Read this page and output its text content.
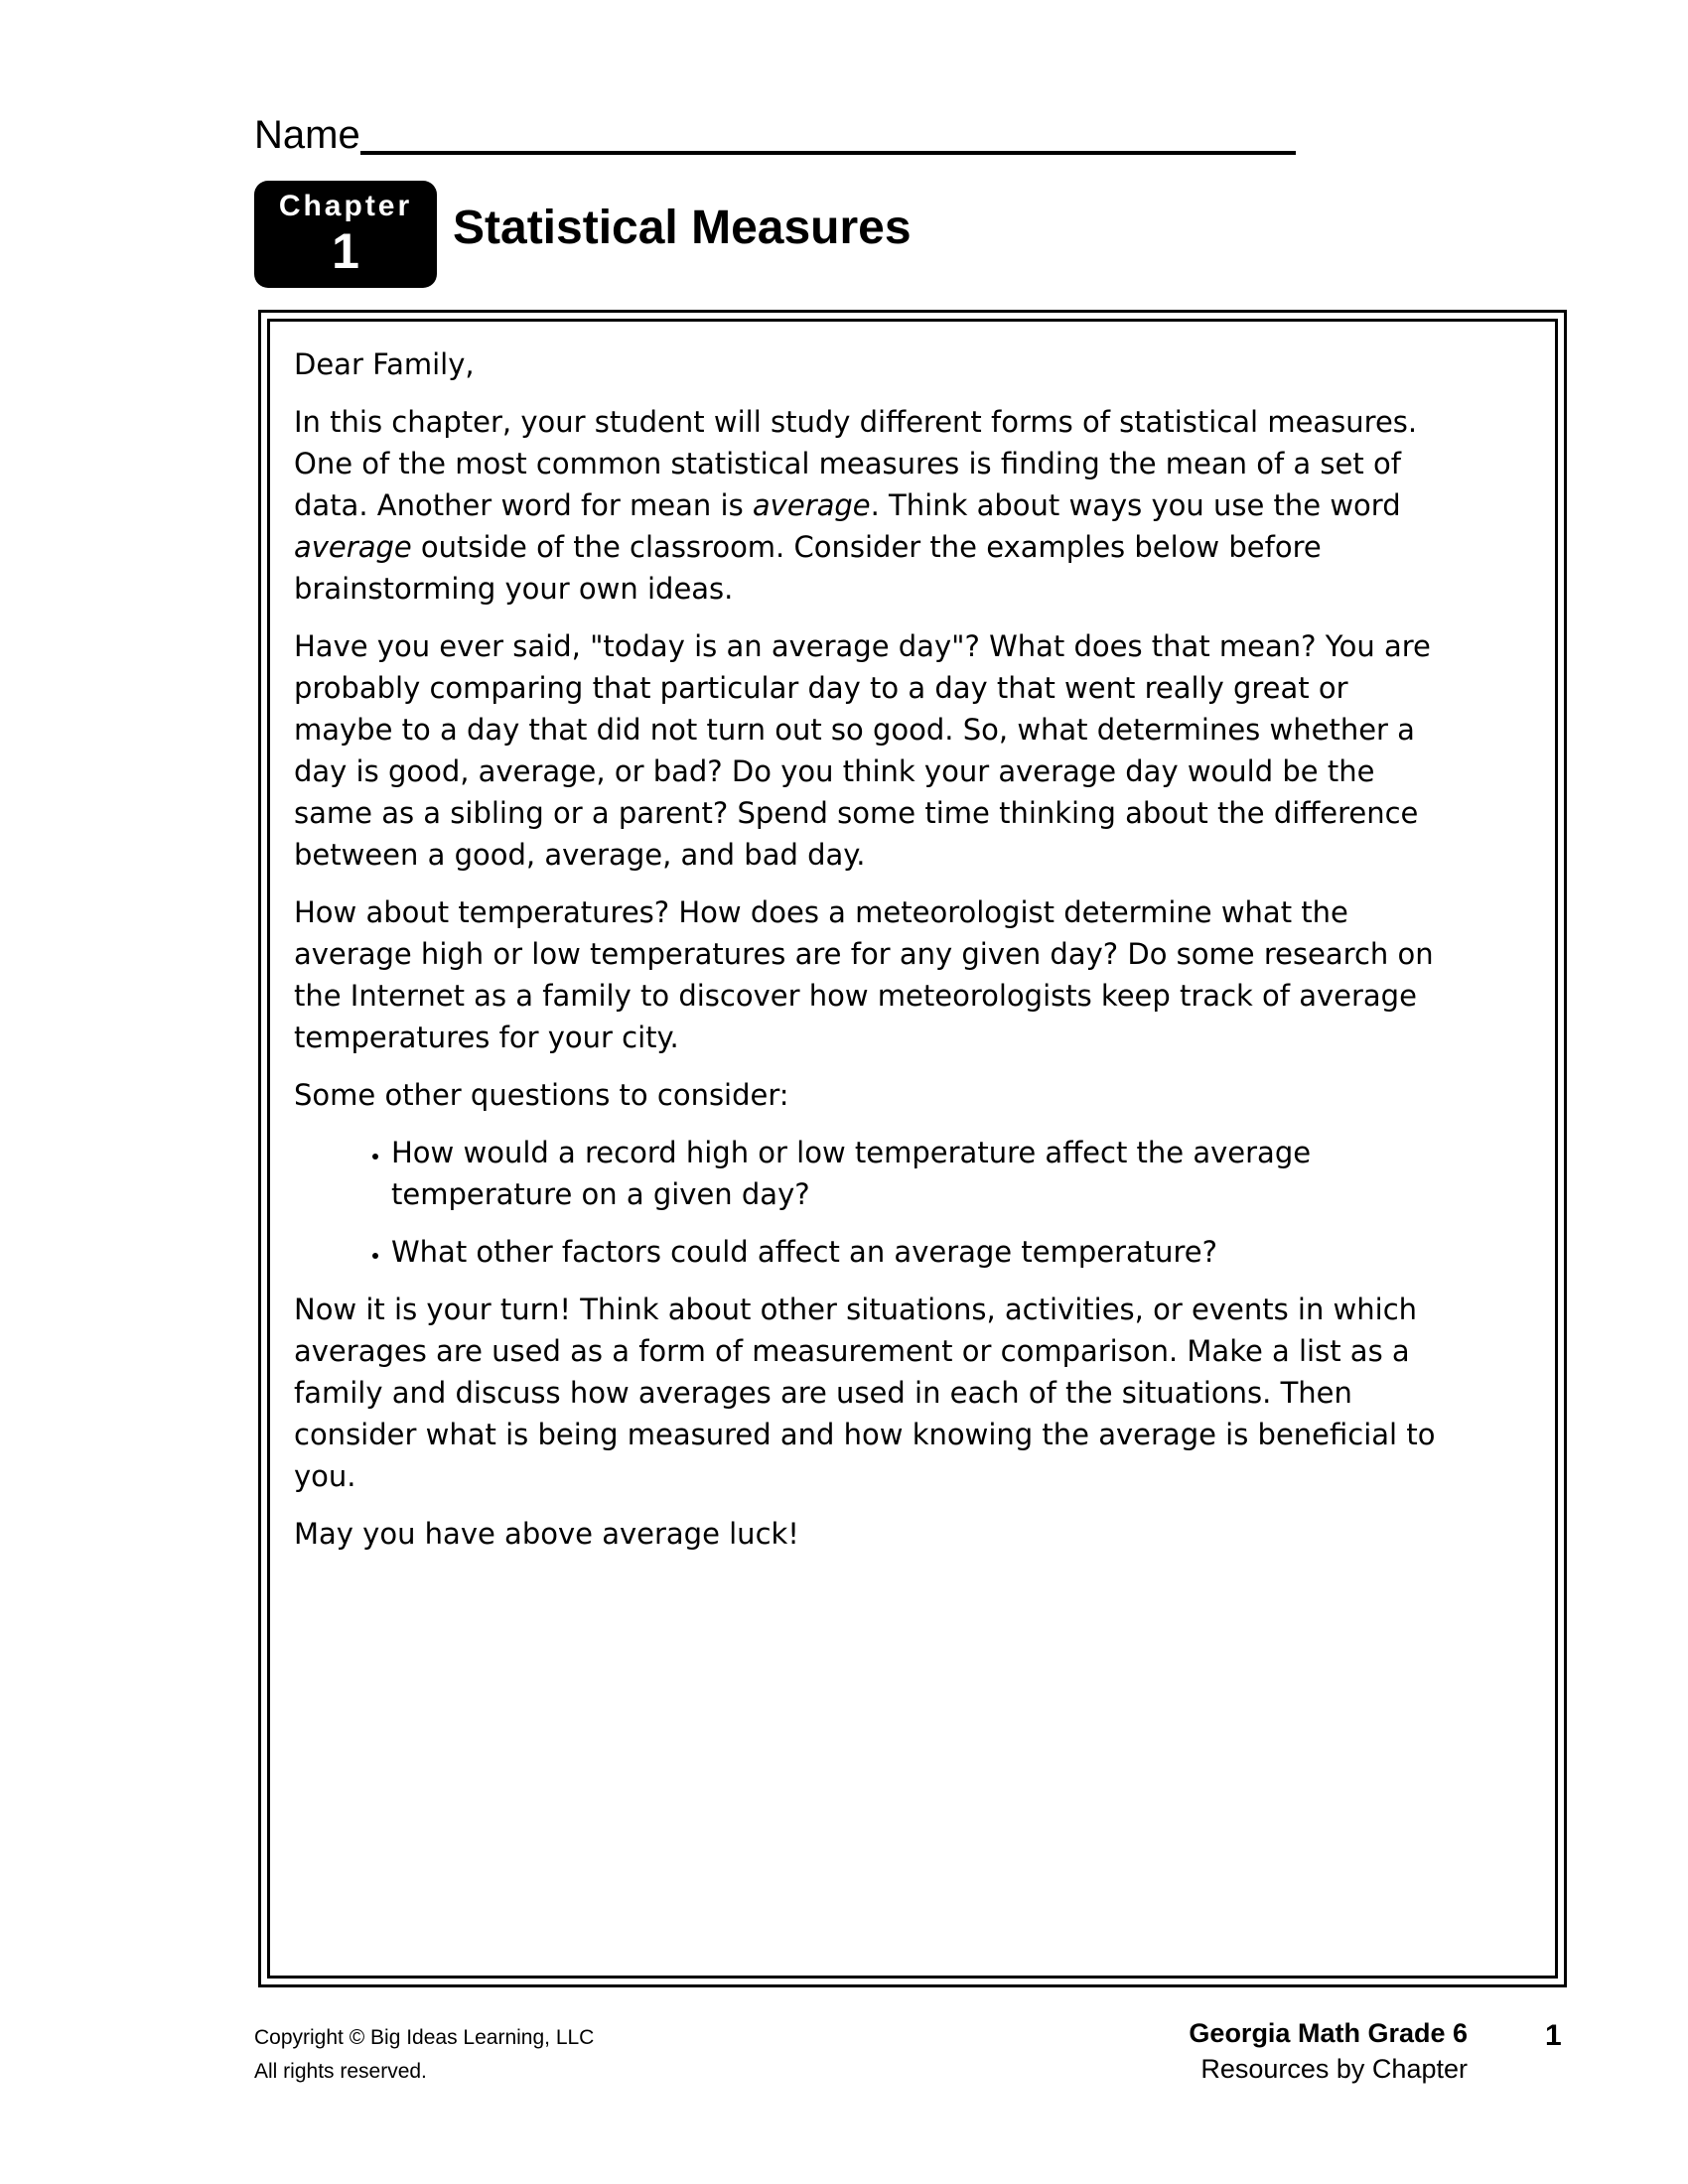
Name
Chapter
1	Statistical Measures

Dear Family,

In this chapter, your student will study different forms of statistical measures. One of the most common statistical measures is finding the mean of a set of data. Another word for mean is average. Think about ways you use the word average outside of the classroom. Consider the examples below before brainstorming your own ideas.

Have you ever said, "today is an average day"? What does that mean? You are probably comparing that particular day to a day that went really great or maybe to a day that did not turn out so good. So, what determines whether a day is good, average, or bad? Do you think your average day would be the same as a sibling or a parent? Spend some time thinking about the difference between a good, average, and bad day.

How about temperatures? How does a meteorologist determine what the average high or low temperatures are for any given day? Do some research on the Internet as a family to discover how meteorologists keep track of average temperatures for your city.

Some other questions to consider:

• How would a record high or low temperature affect the average temperature on a given day?
• What other factors could affect an average temperature?

Now it is your turn! Think about other situations, activities, or events in which averages are used as a form of measurement or comparison. Make a list as a family and discuss how averages are used in each of the situations. Then consider what is being measured and how knowing the average is beneficial to you.

May you have above average luck!

Copyright © Big Ideas Learning, LLC
All rights reserved.
Georgia Math Grade 6
Resources by Chapter
1
